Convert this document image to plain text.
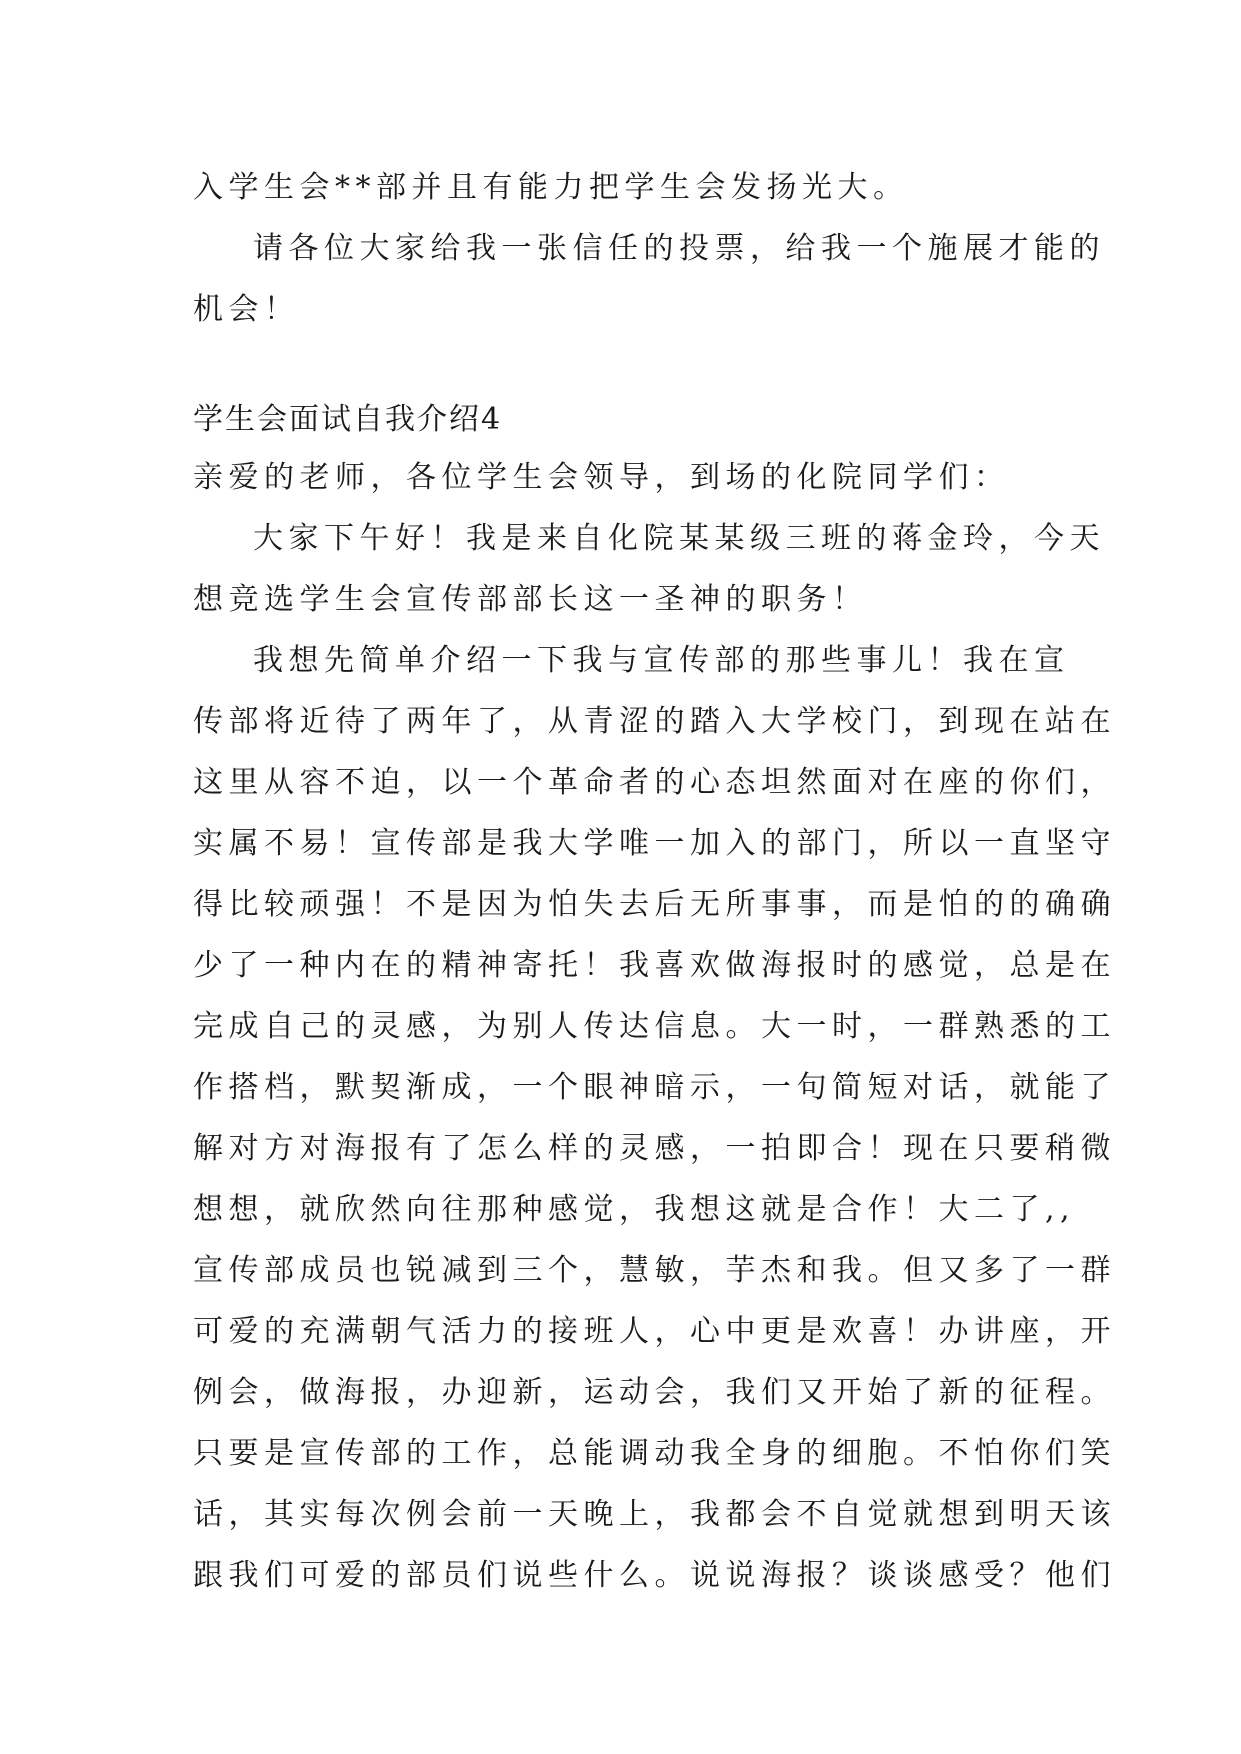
入学生会**部并且有能力把学生会发扬光大。
请各位大家给我一张信任的投票，给我一个施展才能的
机会！
学生会面试自我介绍4
亲爱的老师，各位学生会领导，到场的化院同学们：
大家下午好！我是来自化院某某级三班的蒋金玲，今天
想竞选学生会宣传部部长这一圣神的职务！
我想先简单介绍一下我与宣传部的那些事儿！我在宣
传部将近待了两年了，从青涩的踏入大学校门，到现在站在
这里从容不迫，以一个革命者的心态坦然面对在座的你们，
实属不易！宣传部是我大学唯一加入的部门，所以一直坚守
得比较顽强！不是因为怕失去后无所事事，而是怕的的确确
少了一种内在的精神寄托！我喜欢做海报时的感觉，总是在
完成自己的灵感，为别人传达信息。大一时，一群熟悉的工
作搭档，默契渐成，一个眼神暗示，一句简短对话，就能了
解对方对海报有了怎么样的灵感，一拍即合！现在只要稍微
想想，就欣然向往那种感觉，我想这就是合作！大二了,,
宣传部成员也锐减到三个，慧敏，芋杰和我。但又多了一群
可爱的充满朝气活力的接班人，心中更是欢喜！办讲座，开
例会，做海报，办迎新，运动会，我们又开始了新的征程。
只要是宣传部的工作，总能调动我全身的细胞。不怕你们笑
话，其实每次例会前一天晚上，我都会不自觉就想到明天该
跟我们可爱的部员们说些什么。说说海报？谈谈感受？他们
